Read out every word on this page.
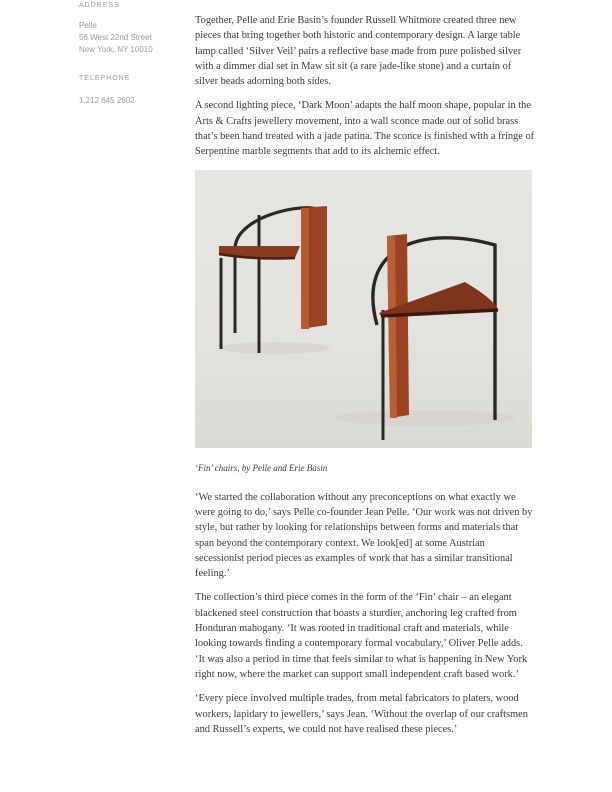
ADDRESS
Pelle
56 West 22nd Street
New York, NY 10010
TELEPHONE
1.212 645 2602

Together, Pelle and Erie Basin’s founder Russell Whitmore created three new pieces that bring together both historic and contemporary design. A large table lamp called ‘Silver Veil’ pairs a reflective base made from pure polished silver with a dimmer dial set in Maw sit sit (a rare jade-like stone) and a curtain of silver beads adorning both sides.

A second lighting piece, ‘Dark Moon’ adapts the half moon shape, popular in the Arts & Crafts jewellery movement, into a wall sconce made out of solid brass that’s been hand treated with a jade patina. The sconce is finished with a fringe of Serpentine marble segments that add to its alchemic effect.

‘Fin’ chairs, by Pelle and Erie Basin

‘We started the collaboration without any preconceptions on what exactly we were going to do,’ says Pelle co-founder Jean Pelle. ‘Our work was not driven by style, but rather by looking for relationships between forms and materials that span beyond the contemporary context. We look[ed] at some Austrian secessionist period pieces as examples of work that has a similar transitional feeling.’

The collection’s third piece comes in the form of the ‘Fin’ chair – an elegant blackened steel construction that boasts a sturdier, anchoring leg crafted from Honduran mahogany. ‘It was rooted in traditional craft and materials, while looking towards finding a contemporary formal vocabulary,’ Oliver Pelle adds. ‘It was also a period in time that feels similar to what is happening in New York right now, where the market can support small independent craft based work.’

‘Every piece involved multiple trades, from metal fabricators to platers, wood workers, lapidary to jewellers,’ says Jean. ‘Without the overlap of our craftsmen and Russell’s experts, we could not have realised these pieces.’
